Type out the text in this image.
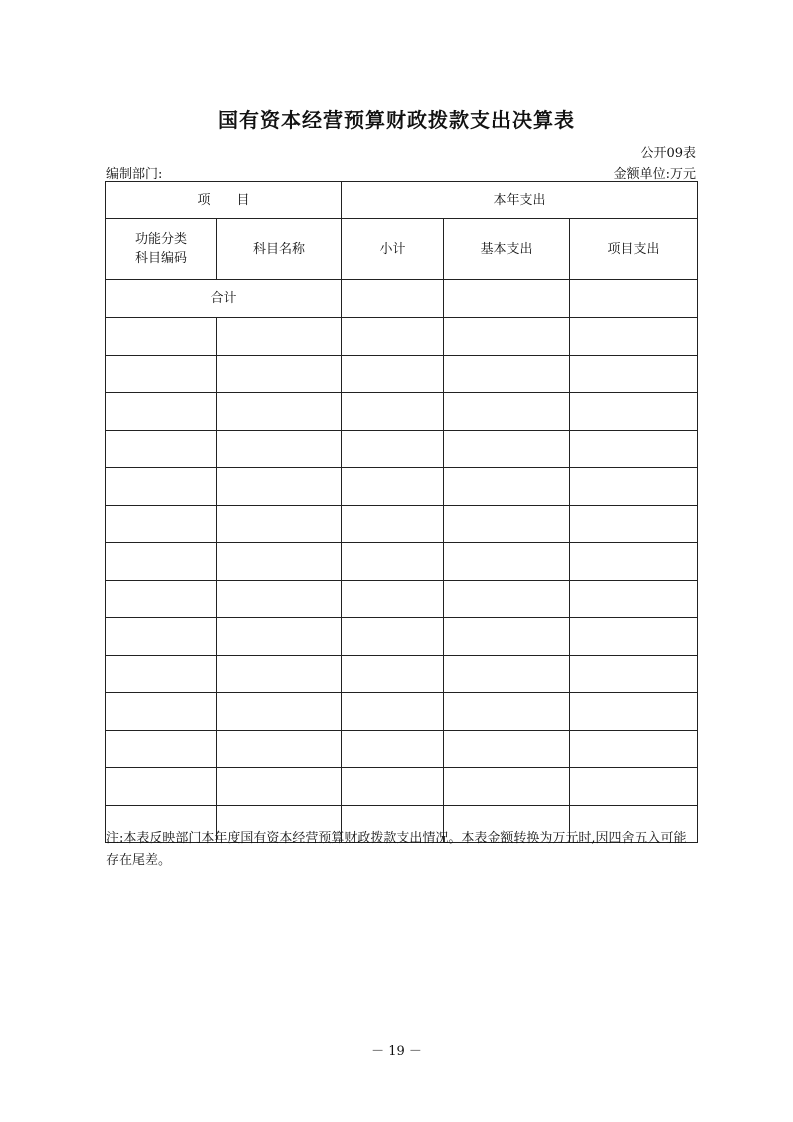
国有资本经营预算财政拨款支出决算表
公开09表
编制部门:	金额单位:万元
项　　目		本年支出		

功能分类
科目编码	科目名称	小计	基本支出	项目支出
合计				

注:本表反映部门本年度国有资本经营预算财政拨款支出情况。本表金额转换为万元时,因四舍五入可能存在尾差。
－ 19 －
